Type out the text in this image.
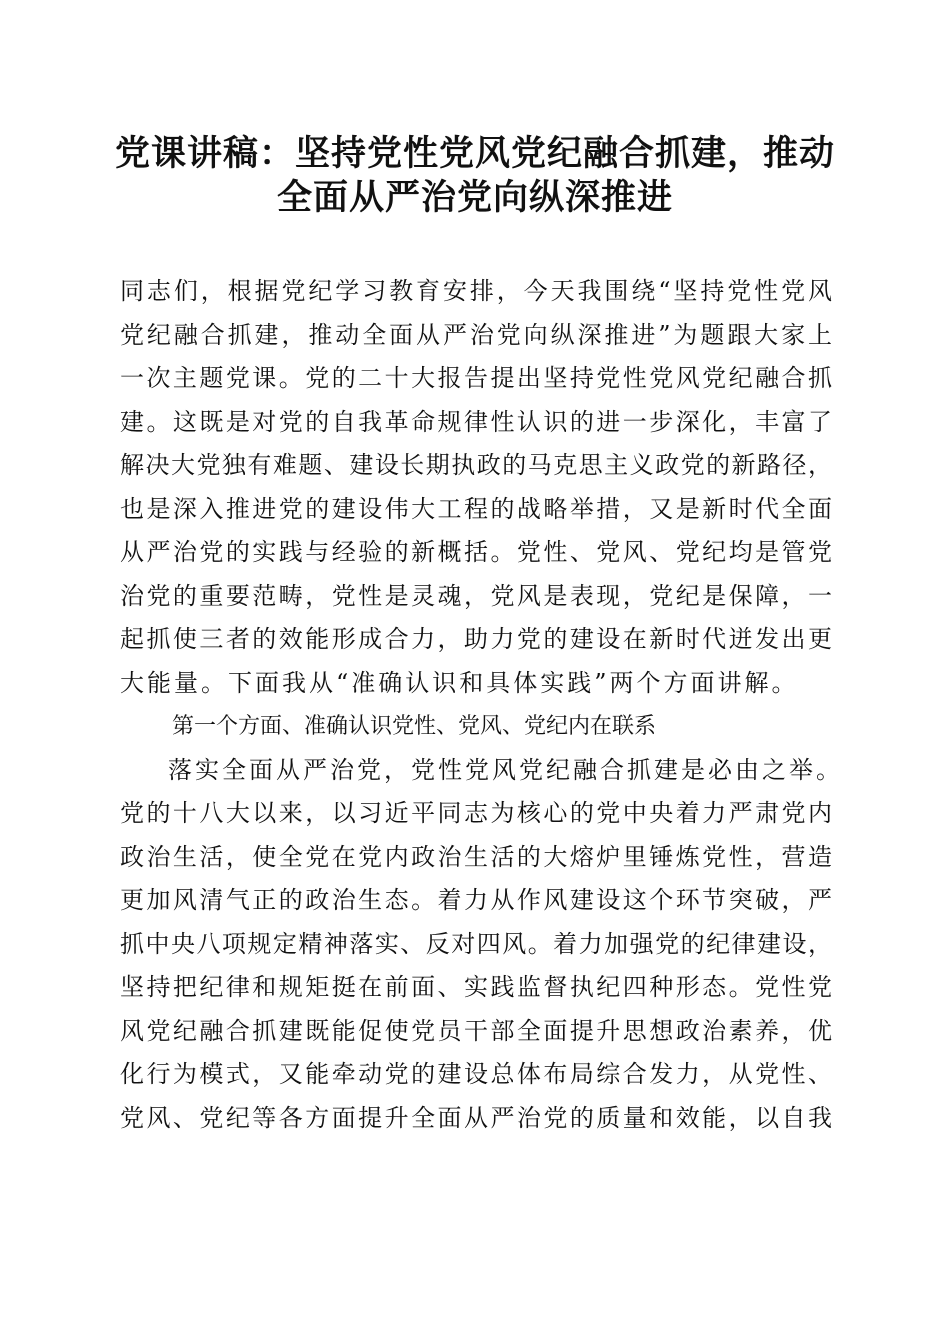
党课讲稿：坚持党性党风党纪融合抓建，推动
全面从严治党向纵深推进
同志们，根据党纪学习教育安排，今天我围绕“坚持党性党风
党纪融合抓建，推动全面从严治党向纵深推进”为题跟大家上
一次主题党课。党的二十大报告提出坚持党性党风党纪融合抓
建。这既是对党的自我革命规律性认识的进一步深化，丰富了
解决大党独有难题、建设长期执政的马克思主义政党的新路径，
也是深入推进党的建设伟大工程的战略举措，又是新时代全面
从严治党的实践与经验的新概括。党性、党风、党纪均是管党
治党的重要范畴，党性是灵魂，党风是表现，党纪是保障，一
起抓使三者的效能形成合力，助力党的建设在新时代迸发出更
大能量。下面我从“准确认识和具体实践”两个方面讲解。
第一个方面、准确认识党性、党风、党纪内在联系
落实全面从严治党，党性党风党纪融合抓建是必由之举。
党的十八大以来，以习近平同志为核心的党中央着力严肃党内
政治生活，使全党在党内政治生活的大熔炉里锤炼党性，营造
更加风清气正的政治生态。着力从作风建设这个环节突破，严
抓中央八项规定精神落实、反对四风。着力加强党的纪律建设，
坚持把纪律和规矩挺在前面、实践监督执纪四种形态。党性党
风党纪融合抓建既能促使党员干部全面提升思想政治素养，优
化行为模式，又能牵动党的建设总体布局综合发力，从党性、
党风、党纪等各方面提升全面从严治党的质量和效能，以自我
